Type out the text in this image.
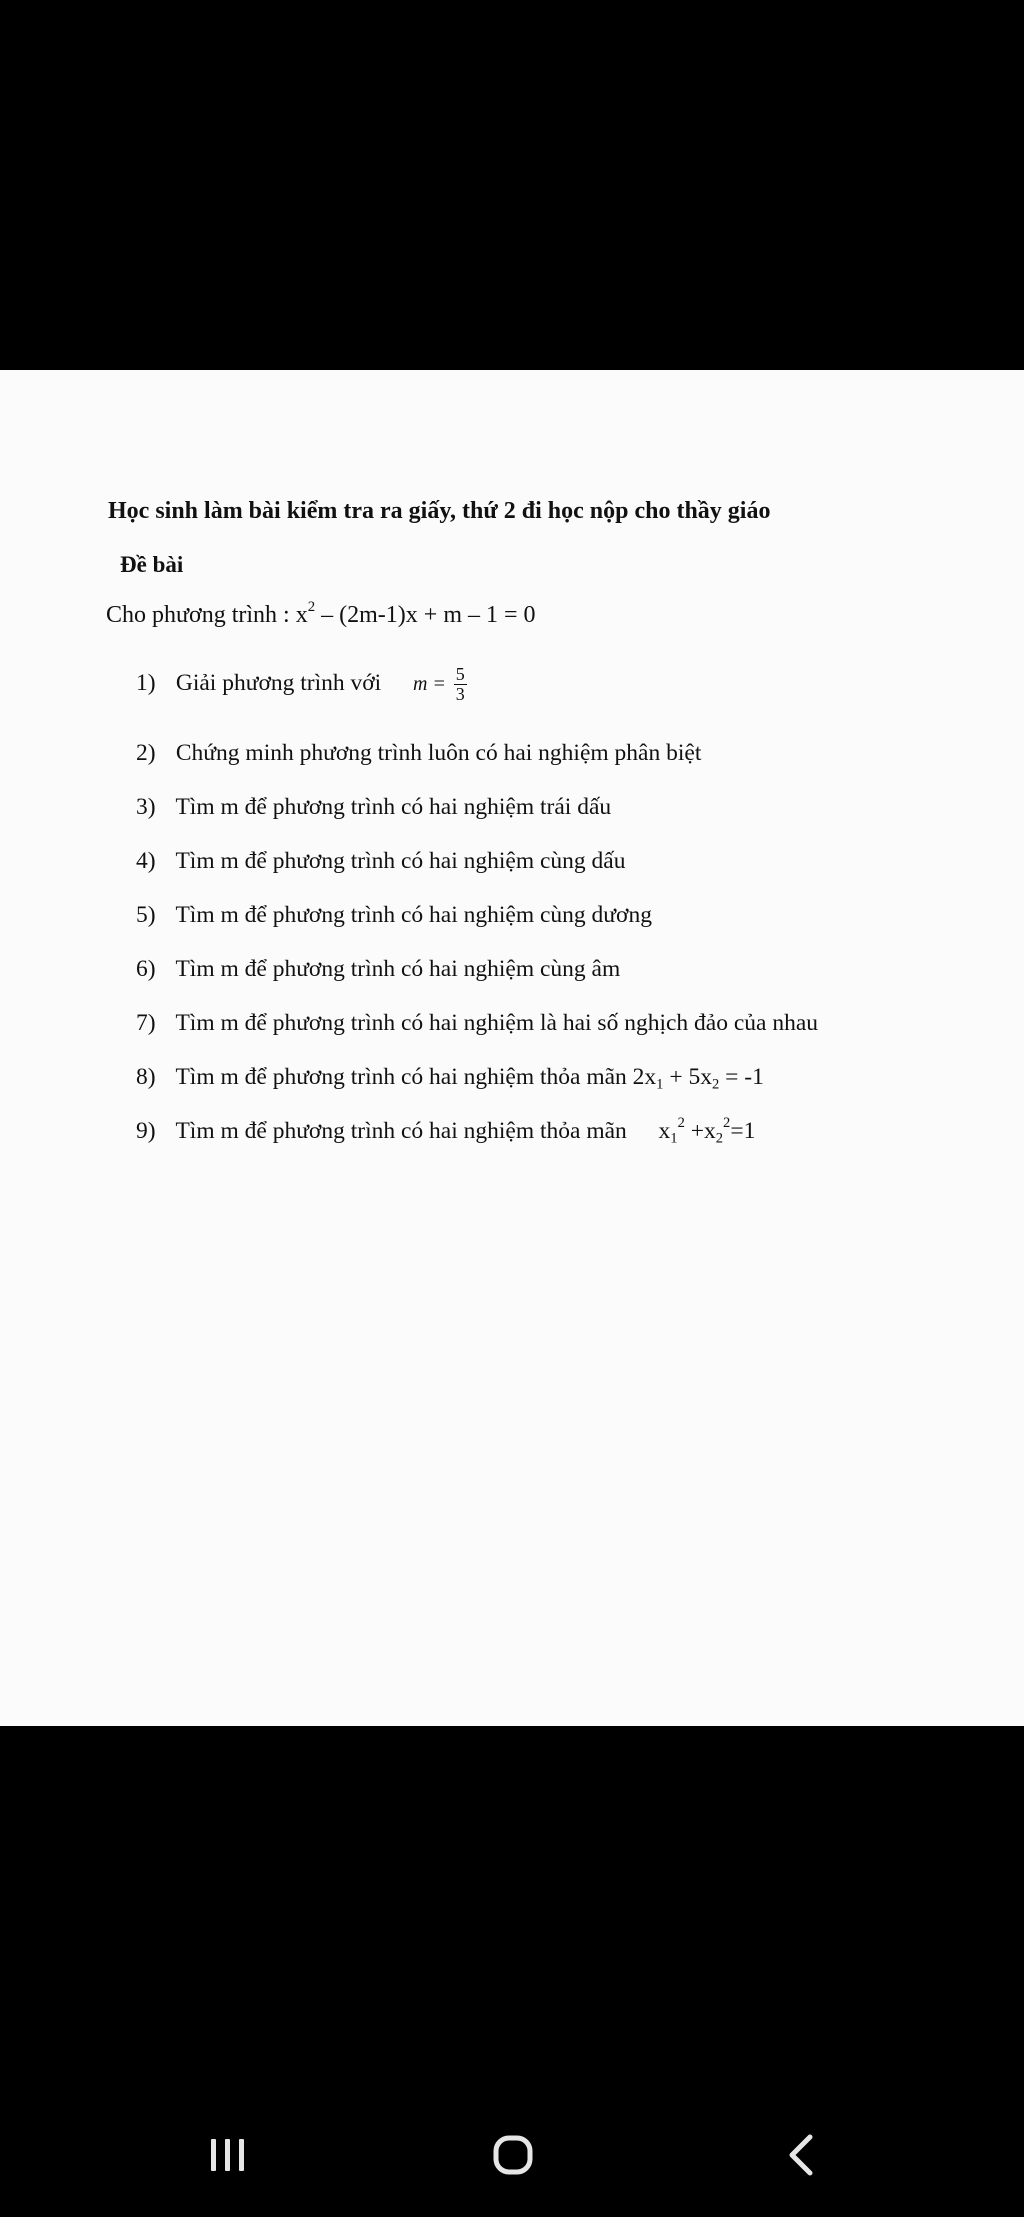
Học sinh làm bài kiểm tra ra giấy, thứ 2 đi học nộp cho thầy giáo
Đề bài
Cho phương trình : $x^2 - (2m-1)x + m - 1 = 0$
1) Giải phương trình với $m = \frac{5}{3}$
2) Chứng minh phương trình luôn có hai nghiệm phân biệt
3) Tìm m để phương trình có hai nghiệm trái dấu
4) Tìm m để phương trình có hai nghiệm cùng dấu
5) Tìm m để phương trình có hai nghiệm cùng dương
6) Tìm m để phương trình có hai nghiệm cùng âm
7) Tìm m để phương trình có hai nghiệm là hai số nghịch đảo của nhau
8) Tìm m để phương trình có hai nghiệm thỏa mãn $2x_1 + 5x_2 = -1$
9) Tìm m để phương trình có hai nghiệm thỏa mãn $x_1^2 +x_2^2=1$
